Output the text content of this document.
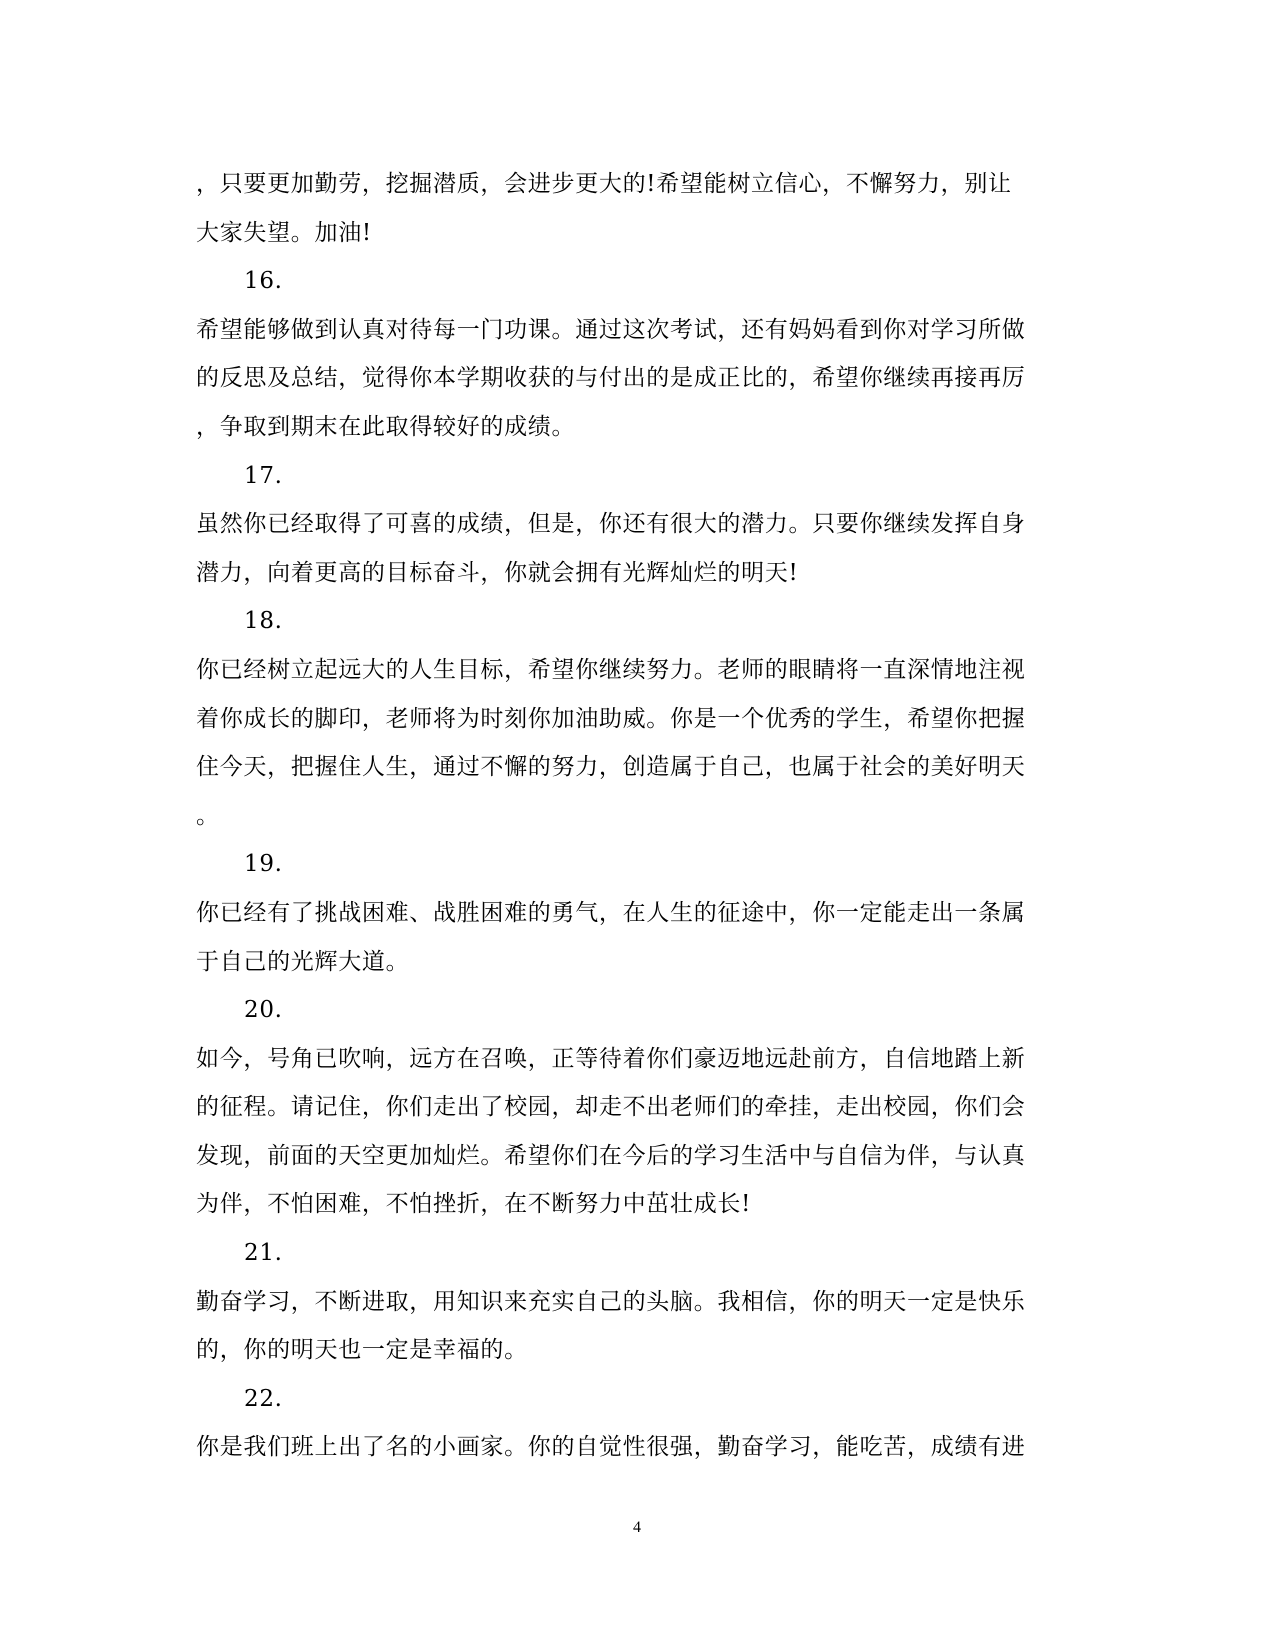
，只要更加勤劳，挖掘潜质，会进步更大的!希望能树立信心，不懈努力，别让
大家失望。加油!
16.
希望能够做到认真对待每一门功课。通过这次考试，还有妈妈看到你对学习所做
的反思及总结，觉得你本学期收获的与付出的是成正比的，希望你继续再接再厉
，争取到期末在此取得较好的成绩。
17.
虽然你已经取得了可喜的成绩，但是，你还有很大的潜力。只要你继续发挥自身
潜力，向着更高的目标奋斗，你就会拥有光辉灿烂的明天!
18.
你已经树立起远大的人生目标，希望你继续努力。老师的眼睛将一直深情地注视
着你成长的脚印，老师将为时刻你加油助威。你是一个优秀的学生，希望你把握
住今天，把握住人生，通过不懈的努力，创造属于自己，也属于社会的美好明天
。
19.
你已经有了挑战困难、战胜困难的勇气，在人生的征途中，你一定能走出一条属
于自己的光辉大道。
20.
如今，号角已吹响，远方在召唤，正等待着你们豪迈地远赴前方，自信地踏上新
的征程。请记住，你们走出了校园，却走不出老师们的牵挂，走出校园，你们会
发现，前面的天空更加灿烂。希望你们在今后的学习生活中与自信为伴，与认真
为伴，不怕困难，不怕挫折，在不断努力中茁壮成长!
21.
勤奋学习，不断进取，用知识来充实自己的头脑。我相信，你的明天一定是快乐
的，你的明天也一定是幸福的。
22.
你是我们班上出了名的小画家。你的自觉性很强，勤奋学习，能吃苦，成绩有进
4
